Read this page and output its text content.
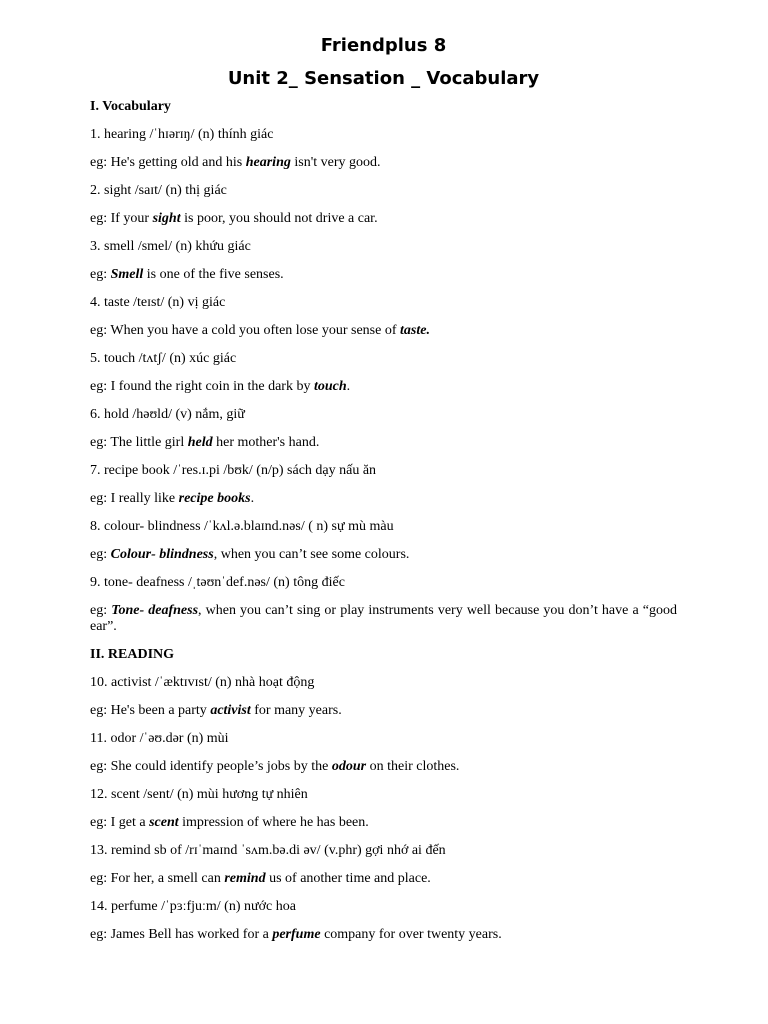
Friendplus 8
Unit 2_ Sensation _ Vocabulary

I. Vocabulary

1. hearing /ˈhɪərɪŋ/ (n) thính giác

eg: He's getting old and his hearing isn't very good.

2. sight /saɪt/ (n) thị giác

eg: If your sight is poor, you should not drive a car.

3. smell /smel/ (n) khứu giác

eg: Smell is one of the five senses.

4. taste /teɪst/ (n) vị giác

eg: When you have a cold you often lose your sense of taste.

5. touch /tʌtʃ/ (n) xúc giác

eg: I found the right coin in the dark by touch.

6. hold /həʊld/ (v) nắm, giữ

eg: The little girl held her mother's hand.

7. recipe book /ˈres.ɪ.pi /bʊk/ (n/p) sách dạy nấu ăn

eg: I really like recipe books.

8. colour- blindness /ˈkʌl.ə.blaɪnd.nəs/ ( n) sự mù màu

eg: Colour- blindness, when you can’t see some colours.

9. tone- deafness /ˌtəʊnˈdef.nəs/ (n) tông điếc

eg: Tone- deafness, when you can’t sing or play instruments very well because you don’t have a “good ear”.

II. READING

10. activist /ˈæktɪvɪst/ (n) nhà hoạt động

eg: He's been a party activist for many years.

11. odor /ˈəʊ.dər (n) mùi

eg: She could identify people’s jobs by the odour on their clothes.

12. scent /sent/ (n) mùi hương tự nhiên

eg: I get a scent impression of where he has been.

13. remind sb of /rɪˈmaɪnd ˈsʌm.bə.di əv/ (v.phr) gợi nhớ ai đến

eg: For her, a smell can remind us of another time and place.

14. perfume /ˈpɜːfjuːm/ (n) nước hoa

eg: James Bell has worked for a perfume company for over twenty years.
